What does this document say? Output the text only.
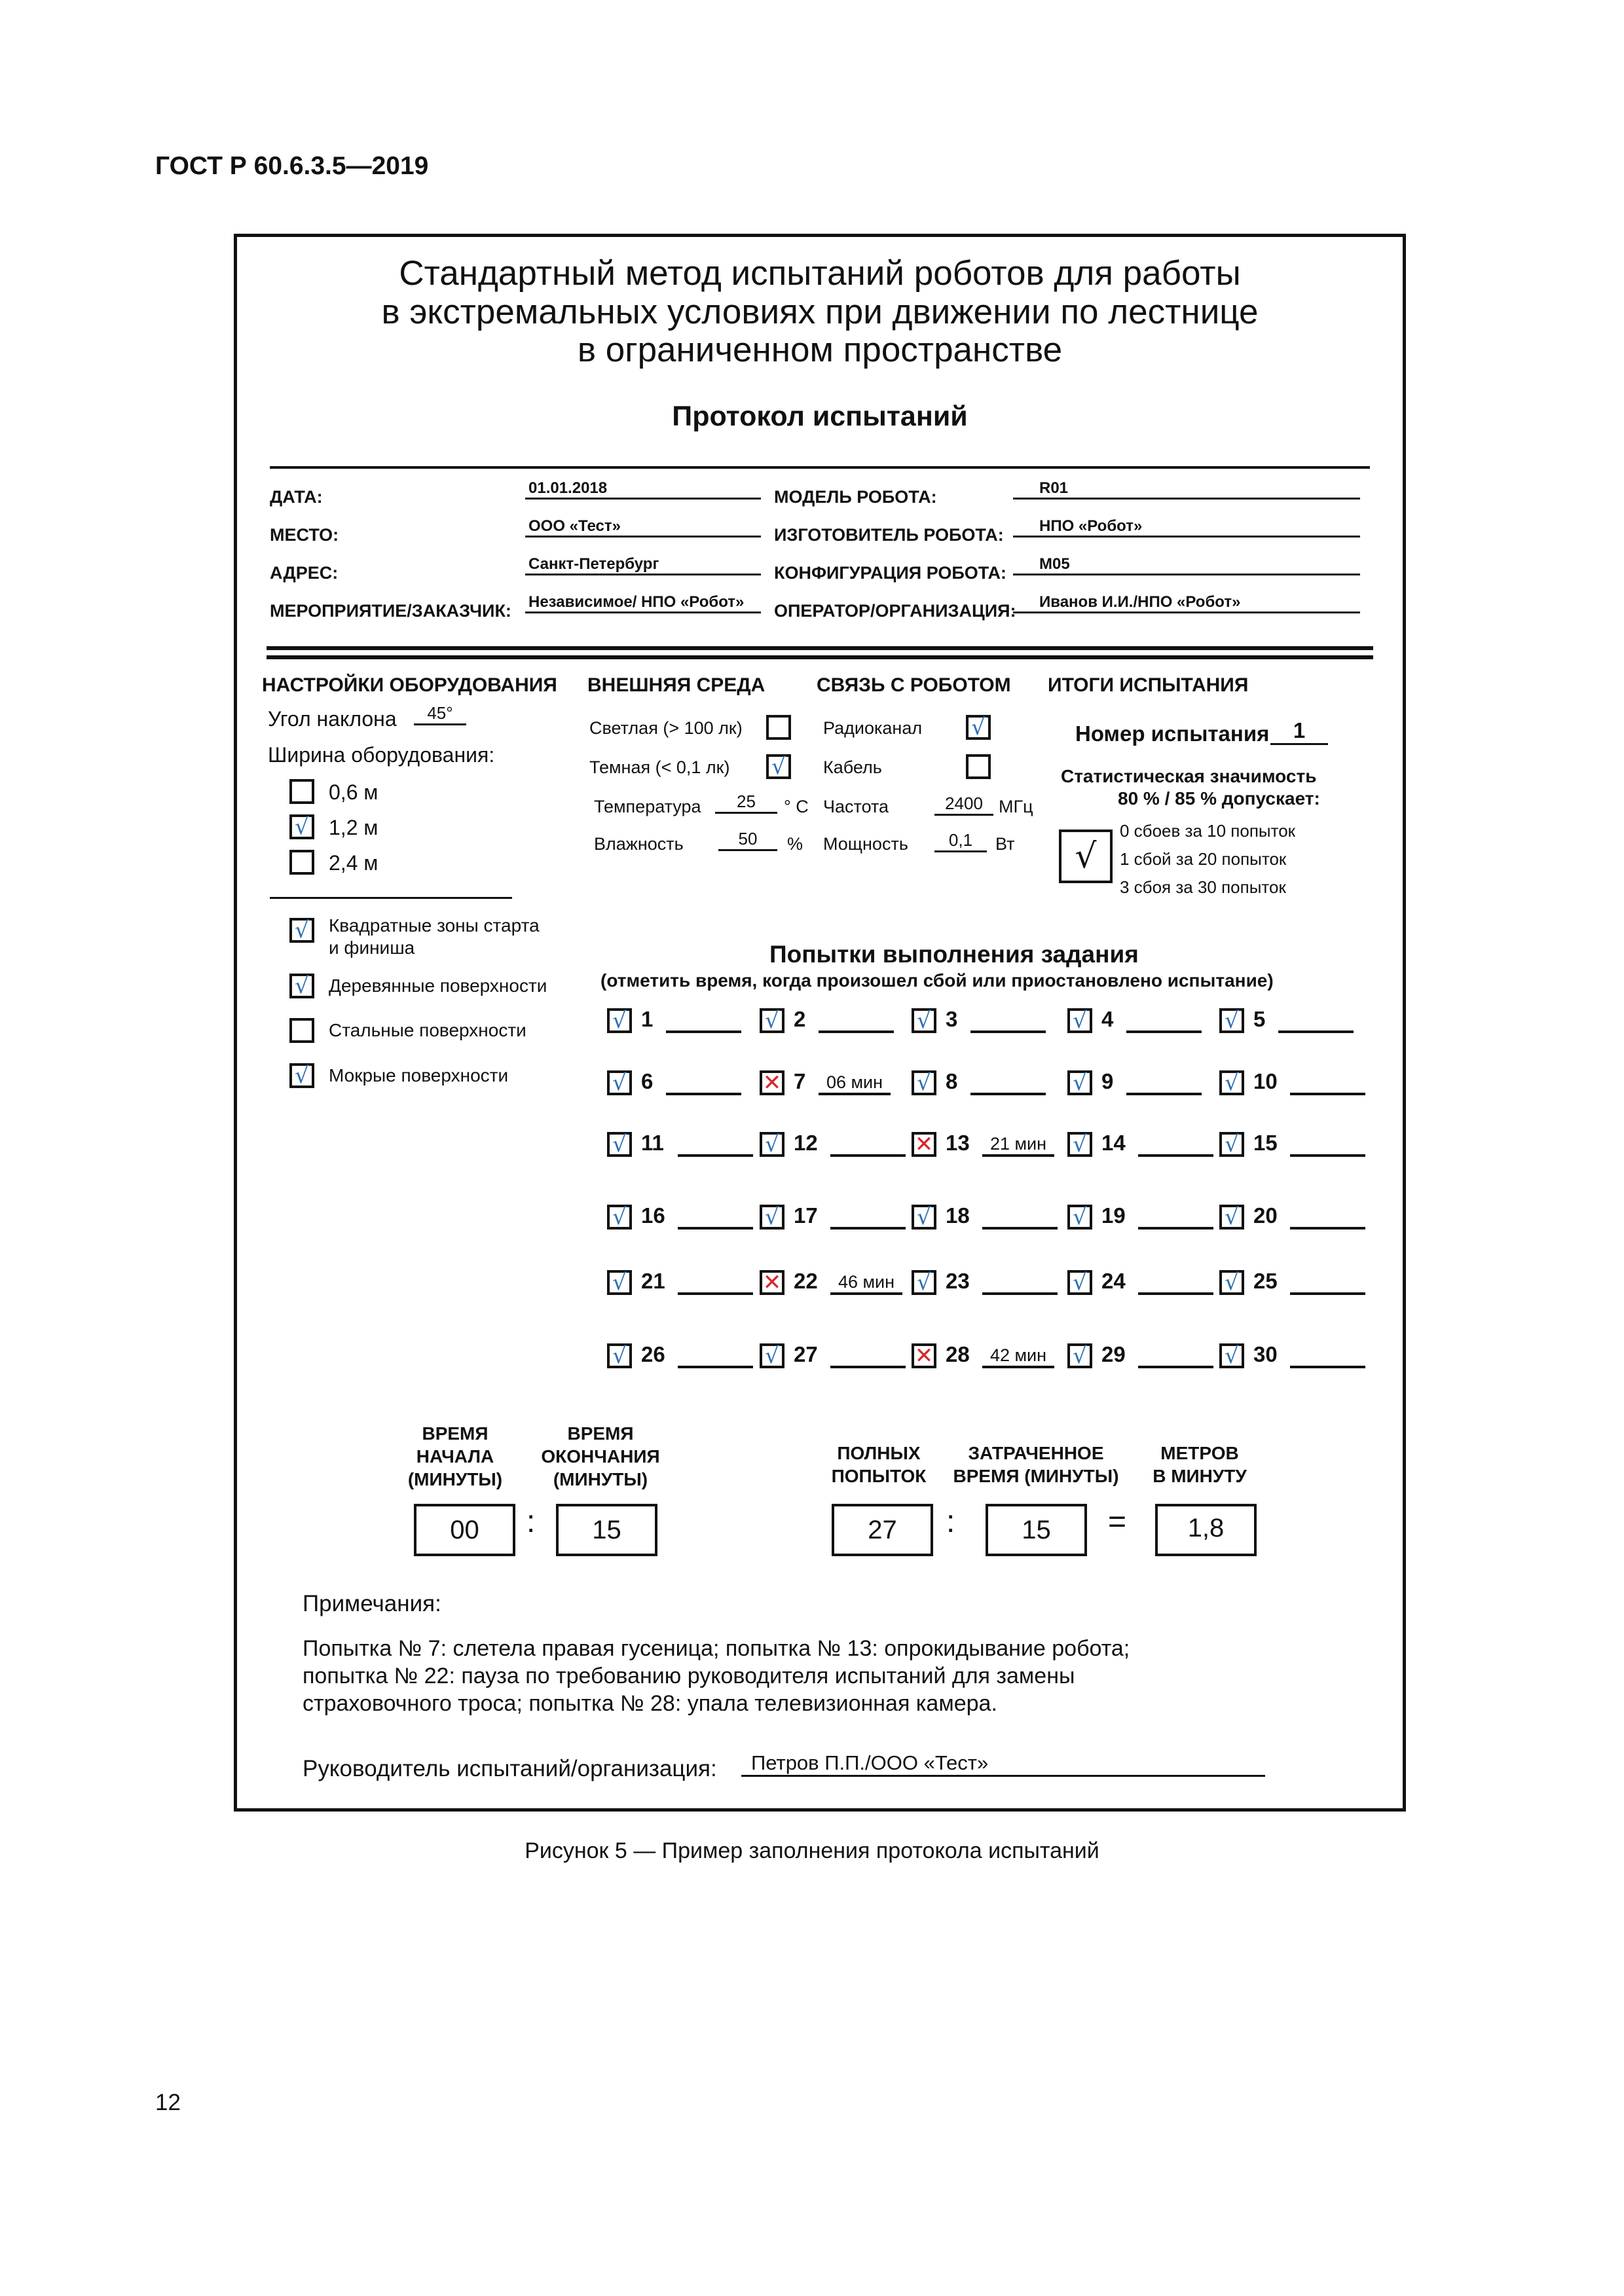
ГОСТ Р 60.6.3.5—2019
Стандартный метод испытаний роботов для работы
в экстремальных условиях при движении по лестнице
в ограниченном пространстве
Протокол испытаний
ДАТА:	01.01.2018
МЕСТО:	ООО «Тест»
АДРЕС:	Санкт-Петербург
МЕРОПРИЯТИЕ/ЗАКАЗЧИК: Независимое/ НПО «Робот»
МОДЕЛЬ РОБОТА:	R01
ИЗГОТОВИТЕЛЬ РОБОТА:	НПО «Робот»
КОНФИГУРАЦИЯ РОБОТА:	М05
ОПЕРАТОР/ОРГАНИЗАЦИЯ:	Иванов И.И./НПО «Робот»
НАСТРОЙКИ ОБОРУДОВАНИЯ
Угол наклона	45°
Ширина оборудования:
0,6 м
√ 1,2 м
2,4 м
√ Квадратные зоны старта
и финиша
√ Деревянные поверхности
Стальные поверхности
√ Мокрые поверхности
ВНЕШНЯЯ СРЕДА
Светлая (> 100 лк)
Темная (< 0,1 лк) √
Температура	25	° С
Влажность	50	%
СВЯЗЬ С РОБОТОМ
Радиоканал √
Кабель
Частота	2400 МГц
Мощность	0,1	Вт
ИТОГИ ИСПЫТАНИЯ
Номер испытания	1
Статистическая значимость
80 % / 85 % допускает:
√
0 сбоев за 10 попыток
1 сбой за 20 попыток
3 сбоя за 30 попыток
Попытки выполнения задания
(отметить время, когда произошел сбой или приостановлено испытание)
√ 1	√ 2	√ 3	√ 4	√ 5
√ 6	✕ 7	06 мин	√ 8	√ 9	√ 10
√ 11	√ 12	✕ 13	21 мин	√ 14	√ 15
√ 16	√ 17	√ 18	√ 19	√ 20
√ 21	✕ 22	46 мин	√ 23	√ 24	√ 25
√ 26	√ 27	✕ 28	42 мин	√ 29	√ 30
ВРЕМЯ
НАЧАЛА
(МИНУТЫ)
ВРЕМЯ
ОКОНЧАНИЯ
(МИНУТЫ)
00	:	15
ПОЛНЫХ
ПОПЫТОК
ЗАТРАЧЕННОЕ
ВРЕМЯ (МИНУТЫ)
МЕТРОВ
В МИНУТУ
27	:	15	=	1,8
Примечания:
Попытка № 7: слетела правая гусеница; попытка № 13: опрокидывание робота;
попытка № 22: пауза по требованию руководителя испытаний для замены
страховочного троса; попытка № 28: упала телевизионная камера.
Руководитель испытаний/организация:	Петров П.П./ООО «Тест»
Рисунок 5 — Пример заполнения протокола испытаний
12
